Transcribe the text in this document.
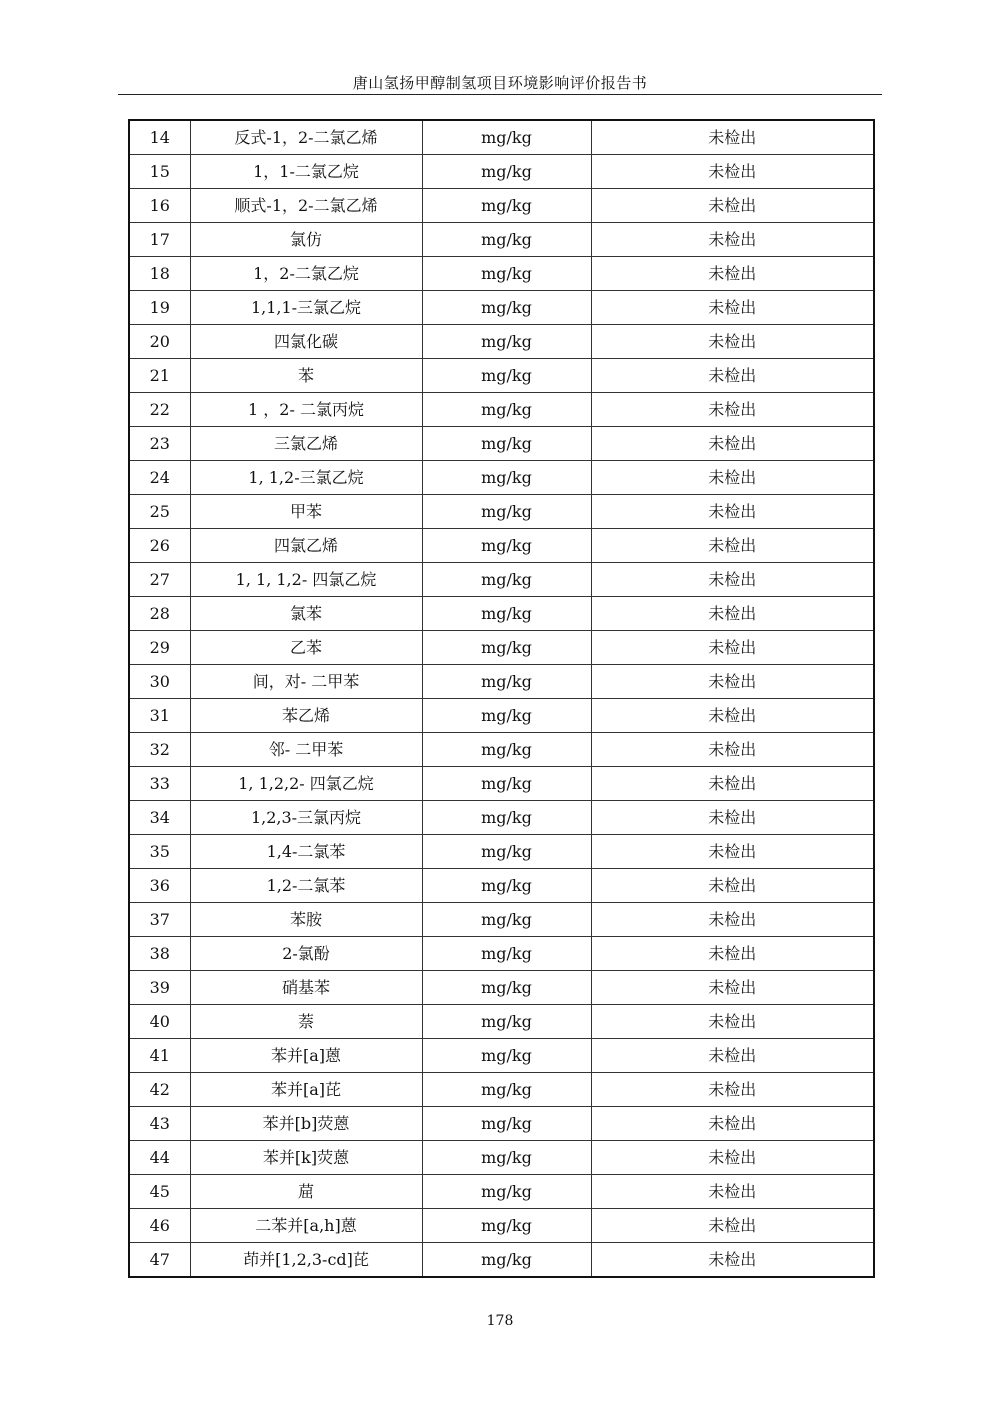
唐山氢扬甲醇制氢项目环境影响评价报告书
14	反式-1，2-二氯乙烯	mg/kg	未检出
15	1，1-二氯乙烷	mg/kg	未检出
16	顺式-1，2-二氯乙烯	mg/kg	未检出
17	氯仿	mg/kg	未检出
18	1，2-二氯乙烷	mg/kg	未检出
19	1,1,1-三氯乙烷	mg/kg	未检出
20	四氯化碳	mg/kg	未检出
21	苯	mg/kg	未检出
22	1 ，2- 二氯丙烷	mg/kg	未检出
23	三氯乙烯	mg/kg	未检出
24	1, 1,2-三氯乙烷	mg/kg	未检出
25	甲苯	mg/kg	未检出
26	四氯乙烯	mg/kg	未检出
27	1, 1, 1,2- 四氯乙烷	mg/kg	未检出
28	氯苯	mg/kg	未检出
29	乙苯	mg/kg	未检出
30	间，对- 二甲苯	mg/kg	未检出
31	苯乙烯	mg/kg	未检出
32	邻- 二甲苯	mg/kg	未检出
33	1, 1,2,2- 四氯乙烷	mg/kg	未检出
34	1,2,3-三氯丙烷	mg/kg	未检出
35	1,4-二氯苯	mg/kg	未检出
36	1,2-二氯苯	mg/kg	未检出
37	苯胺	mg/kg	未检出
38	2-氯酚	mg/kg	未检出
39	硝基苯	mg/kg	未检出
40	萘	mg/kg	未检出
41	苯并[a]蒽	mg/kg	未检出
42	苯并[a]芘	mg/kg	未检出
43	苯并[b]荧蒽	mg/kg	未检出
44	苯并[k]荧蒽	mg/kg	未检出
45	䓛	mg/kg	未检出
46	二苯并[a,h]蒽	mg/kg	未检出
47	茚并[1,2,3-cd]芘	mg/kg	未检出
178
